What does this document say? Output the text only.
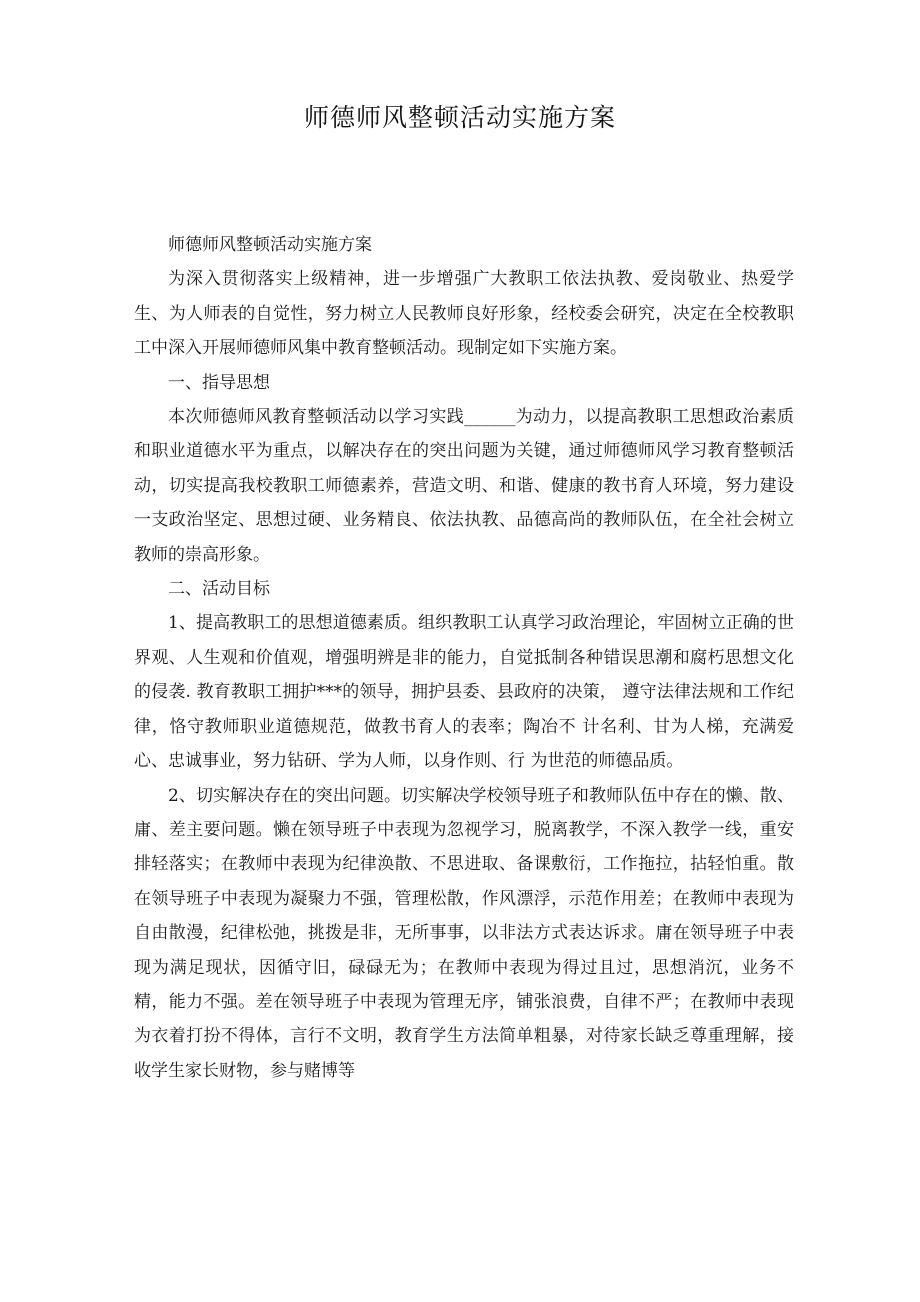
师德师风整顿活动实施方案

师德师风整顿活动实施方案

为深入贯彻落实上级精神，进一步增强广大教职工依法执教、爱岗敬业、热爱学生、为人师表的自觉性，努力树立人民教师良好形象，经校委会研究，决定在全校教职工中深入开展师德师风集中教育整顿活动。现制定如下实施方案。

一、指导思想

本次师德师风教育整顿活动以学习实践______为动力，以提高教职工思想政治素质和职业道德水平为重点，以解决存在的突出问题为关键，通过师德师风学习教育整顿活动，切实提高我校教职工师德素养，营造文明、和谐、健康的教书育人环境，努力建设一支政治坚定、思想过硬、业务精良、依法执教、品德高尚的教师队伍，在全社会树立教师的崇高形象。

二、活动目标

1、提高教职工的思想道德素质。组织教职工认真学习政治理论，牢固树立正确的世界观、人生观和价值观，增强明辨是非的能力，自觉抵制各种错误思潮和腐朽思想文化的侵袭. 教育教职工拥护***的领导，拥护县委、县政府的决策， 遵守法律法规和工作纪律，恪守教师职业道德规范，做教书育人的表率；陶冶不 计名利、甘为人梯，充满爱心、忠诚事业，努力钻研、学为人师，以身作则、行 为世范的师德品质。

2、切实解决存在的突出问题。切实解决学校领导班子和教师队伍中存在的懒、散、庸、差主要问题。懒在领导班子中表现为忽视学习，脱离教学，不深入教学一线，重安排轻落实；在教师中表现为纪律涣散、不思进取、备课敷衍，工作拖拉，拈轻怕重。散在领导班子中表现为凝聚力不强，管理松散，作风漂浮，示范作用差；在教师中表现为自由散漫，纪律松弛，挑拨是非，无所事事，以非法方式表达诉求。庸在领导班子中表现为满足现状，因循守旧，碌碌无为；在教师中表现为得过且过，思想消沉，业务不精，能力不强。差在领导班子中表现为管理无序，铺张浪费，自律不严；在教师中表现为衣着打扮不得体，言行不文明，教育学生方法简单粗暴，对待家长缺乏尊重理解，接收学生家长财物，参与赌博等
